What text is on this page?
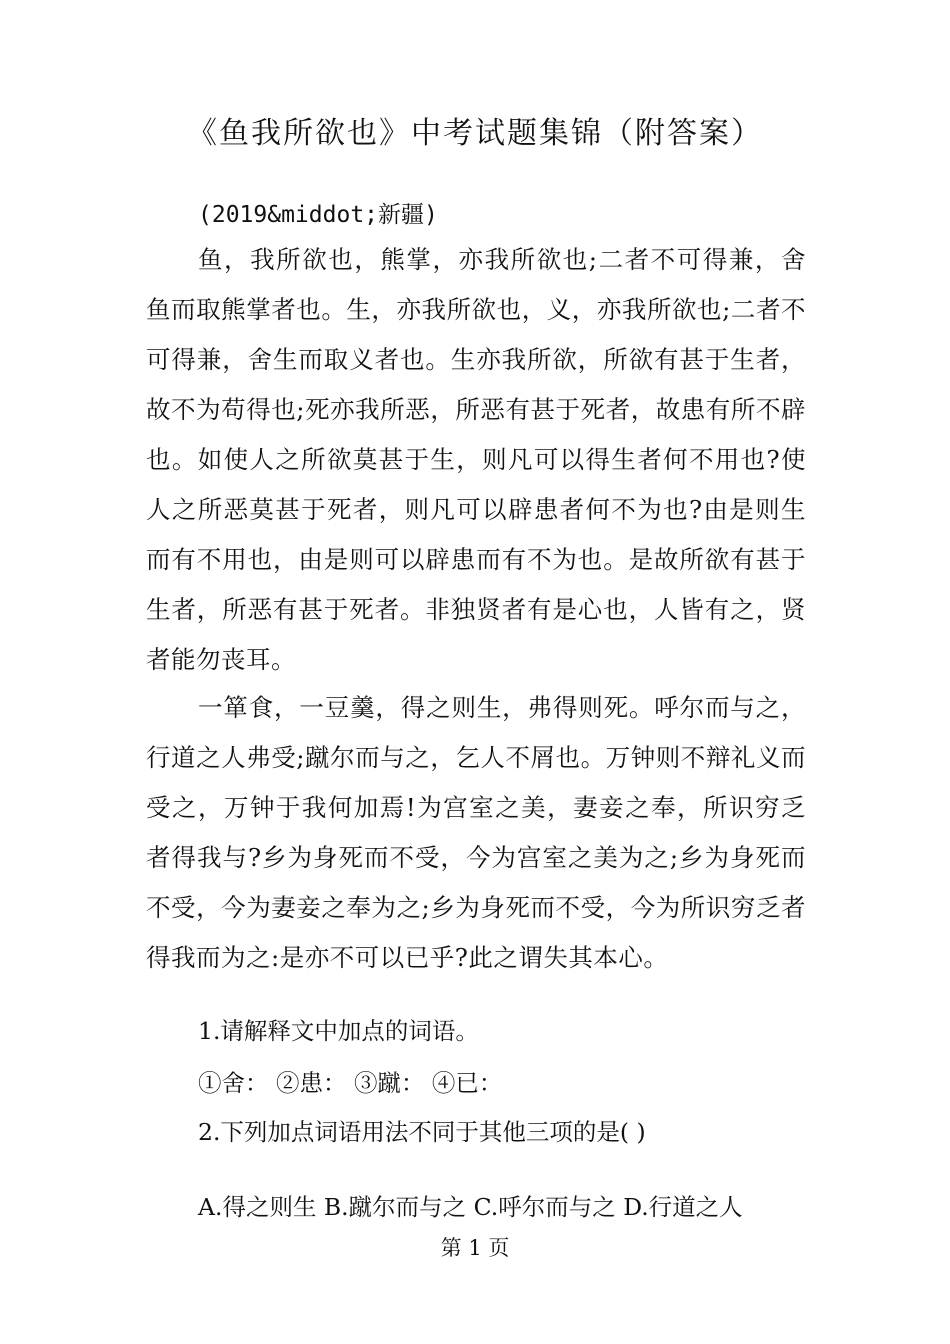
《鱼我所欲也》中考试题集锦（附答案）
(2019&middot;新疆)

鱼，我所欲也，熊掌，亦我所欲也;二者不可得兼，舍鱼而取熊掌者也。生，亦我所欲也，义，亦我所欲也;二者不可得兼，舍生而取义者也。生亦我所欲，所欲有甚于生者，故不为苟得也;死亦我所恶，所恶有甚于死者，故患有所不辟也。如使人之所欲莫甚于生，则凡可以得生者何不用也?使人之所恶莫甚于死者，则凡可以辟患者何不为也?由是则生而有不用也，由是则可以辟患而有不为也。是故所欲有甚于生者，所恶有甚于死者。非独贤者有是心也，人皆有之，贤者能勿丧耳。

一箪食，一豆羹，得之则生，弗得则死。呼尔而与之，行道之人弗受;蹴尔而与之，乞人不屑也。万钟则不辩礼义而受之，万钟于我何加焉!为宫室之美，妻妾之奉，所识穷乏者得我与?乡为身死而不受，今为宫室之美为之;乡为身死而不受，今为妻妾之奉为之;乡为身死而不受，今为所识穷乏者得我而为之:是亦不可以已乎?此之谓失其本心。

1.请解释文中加点的词语。

①舍： ②患： ③蹴： ④已：

2.下列加点词语用法不同于其他三项的是( )

A.得之则生 B.蹴尔而与之 C.呼尔而与之 D.行道之人

第 1 页
